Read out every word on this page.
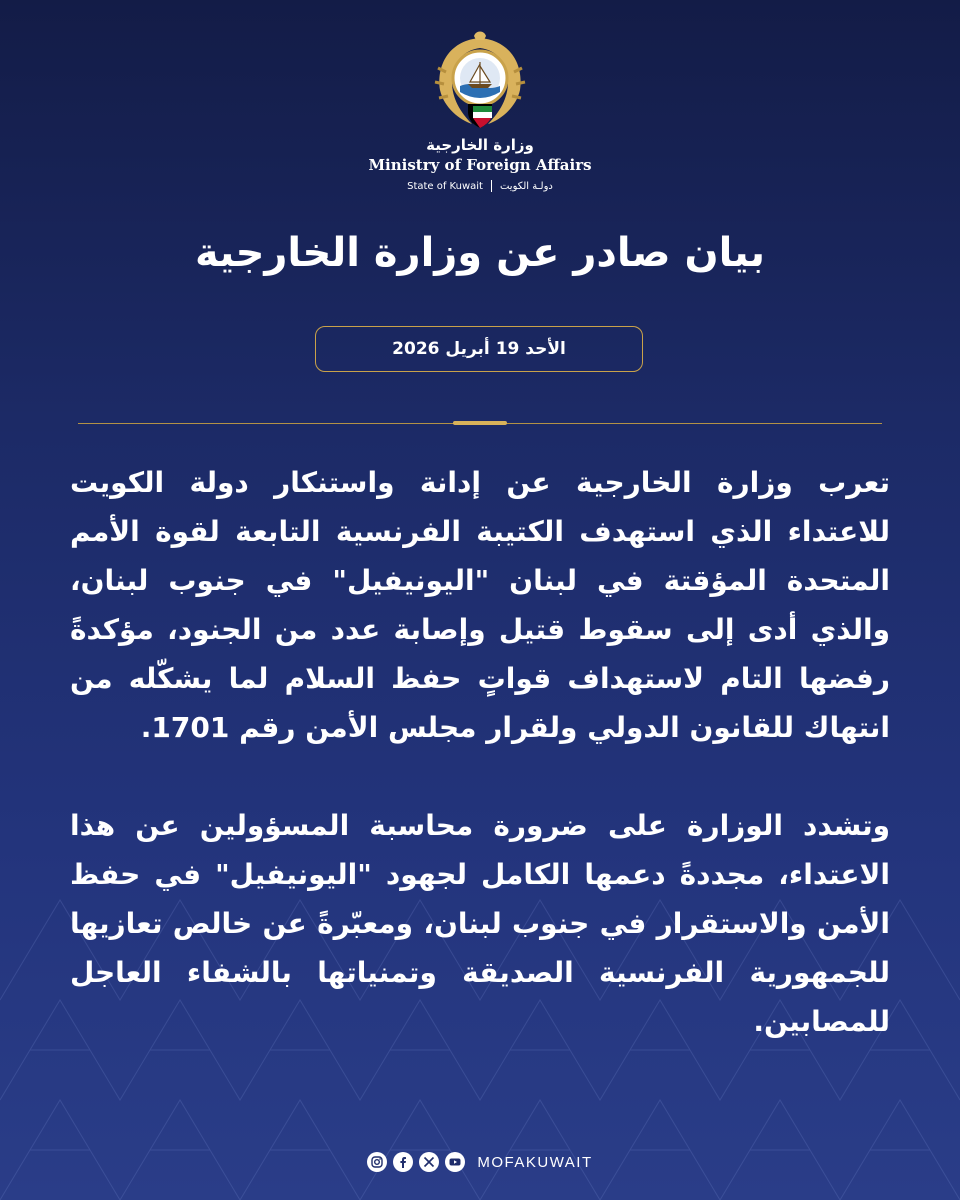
وزارة الخارجية
Ministry of Foreign Affairs
State of Kuwait دولـة الكويت
بيان صادر عن وزارة الخارجية
الأحد 19 أبريل 2026

تعرب وزارة الخارجية عن إدانة واستنكار دولة الكويت للاعتداء الذي استهدف الكتيبة الفرنسية التابعة لقوة الأمم المتحدة المؤقتة في لبنان "اليونيفيل" في جنوب لبنان، والذي أدى إلى سقوط قتيل وإصابة عدد من الجنود، مؤكدةً رفضها التام لاستهداف قواتٍ حفظ السلام لما يشكّله من انتهاك للقانون الدولي ولقرار مجلس الأمن رقم 1701.

وتشدد الوزارة على ضرورة محاسبة المسؤولين عن هذا الاعتداء، مجددةً دعمها الكامل لجهود "اليونيفيل" في حفظ الأمن والاستقرار في جنوب لبنان، ومعبّرةً عن خالص تعازيها للجمهورية الفرنسية الصديقة وتمنياتها بالشفاء العاجل للمصابين.

MOFAKUWAIT
